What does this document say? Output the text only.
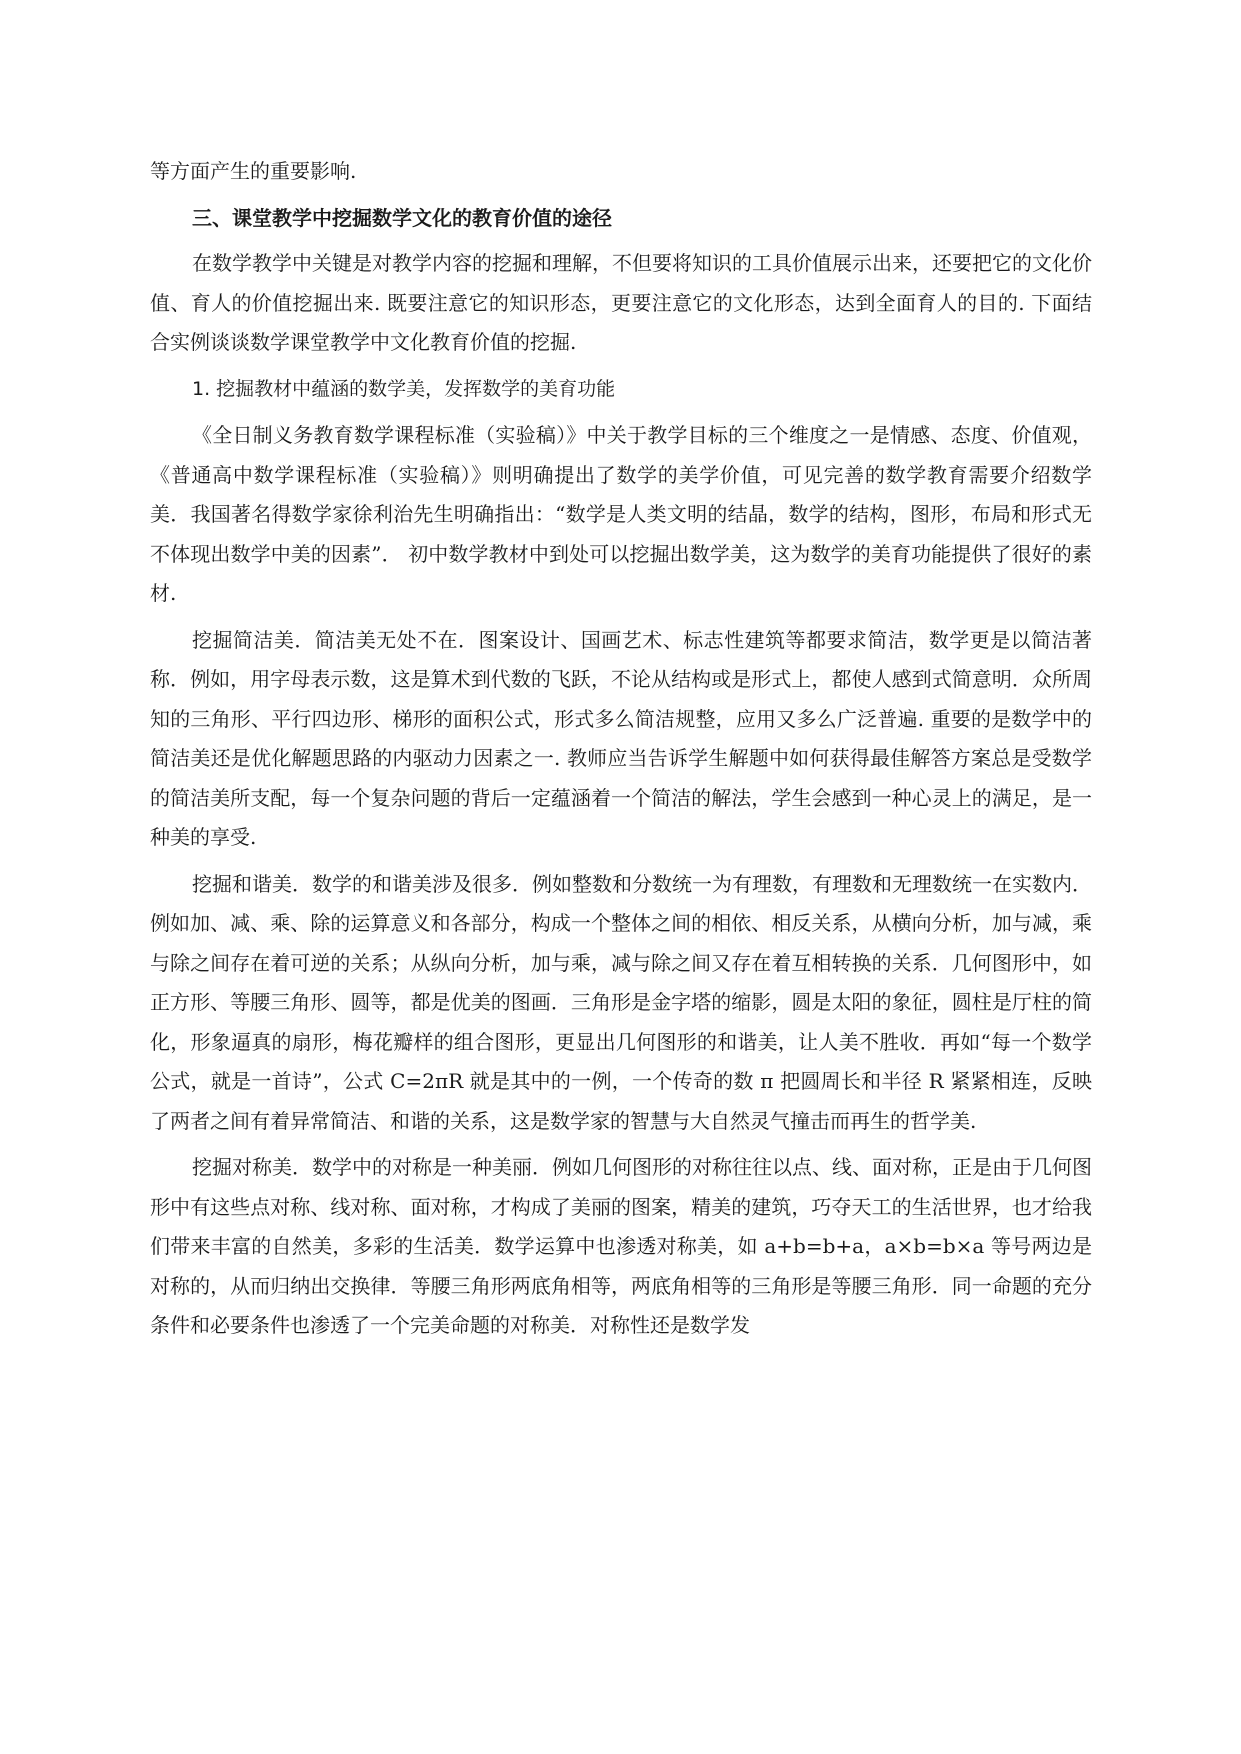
等方面产生的重要影响.

三、课堂教学中挖掘数学文化的教育价值的途径

在数学教学中关键是对教学内容的挖掘和理解，不但要将知识的工具价值展示出来，还要把它的文化价值、育人的价值挖掘出来. 既要注意它的知识形态，更要注意它的文化形态，达到全面育人的目的. 下面结合实例谈谈数学课堂教学中文化教育价值的挖掘.

1. 挖掘教材中蕴涵的数学美，发挥数学的美育功能

《全日制义务教育数学课程标准（实验稿）》中关于教学目标的三个维度之一是情感、态度、价值观，《普通高中数学课程标准（实验稿）》则明确提出了数学的美学价值，可见完善的数学教育需要介绍数学美．我国著名得数学家徐利治先生明确指出：“数学是人类文明的结晶，数学的结构，图形，布局和形式无不体现出数学中美的因素”． 初中数学教材中到处可以挖掘出数学美，这为数学的美育功能提供了很好的素材.

挖掘简洁美．简洁美无处不在．图案设计、国画艺术、标志性建筑等都要求简洁，数学更是以简洁著称．例如，用字母表示数，这是算术到代数的飞跃，不论从结构或是形式上，都使人感到式简意明．众所周知的三角形、平行四边形、梯形的面积公式，形式多么简洁规整，应用又多么广泛普遍. 重要的是数学中的简洁美还是优化解题思路的内驱动力因素之一. 教师应当告诉学生解题中如何获得最佳解答方案总是受数学的简洁美所支配，每一个复杂问题的背后一定蕴涵着一个简洁的解法，学生会感到一种心灵上的满足，是一种美的享受.

挖掘和谐美．数学的和谐美涉及很多．例如整数和分数统一为有理数，有理数和无理数统一在实数内．例如加、减、乘、除的运算意义和各部分，构成一个整体之间的相依、相反关系，从横向分析，加与减，乘与除之间存在着可逆的关系；从纵向分析，加与乘，减与除之间又存在着互相转换的关系．几何图形中，如正方形、等腰三角形、圆等，都是优美的图画．三角形是金字塔的缩影，圆是太阳的象征，圆柱是厅柱的简化，形象逼真的扇形，梅花瓣样的组合图形，更显出几何图形的和谐美，让人美不胜收．再如“每一个数学公式，就是一首诗”，公式 C=2πR 就是其中的一例，一个传奇的数 π 把圆周长和半径 R 紧紧相连，反映了两者之间有着异常简洁、和谐的关系，这是数学家的智慧与大自然灵气撞击而再生的哲学美.

挖掘对称美．数学中的对称是一种美丽．例如几何图形的对称往往以点、线、面对称，正是由于几何图形中有这些点对称、线对称、面对称，才构成了美丽的图案，精美的建筑，巧夺天工的生活世界，也才给我们带来丰富的自然美，多彩的生活美．数学运算中也渗透对称美，如 a+b=b+a，a×b=b×a 等号两边是对称的，从而归纳出交换律．等腰三角形两底角相等，两底角相等的三角形是等腰三角形．同一命题的充分条件和必要条件也渗透了一个完美命题的对称美．对称性还是数学发
